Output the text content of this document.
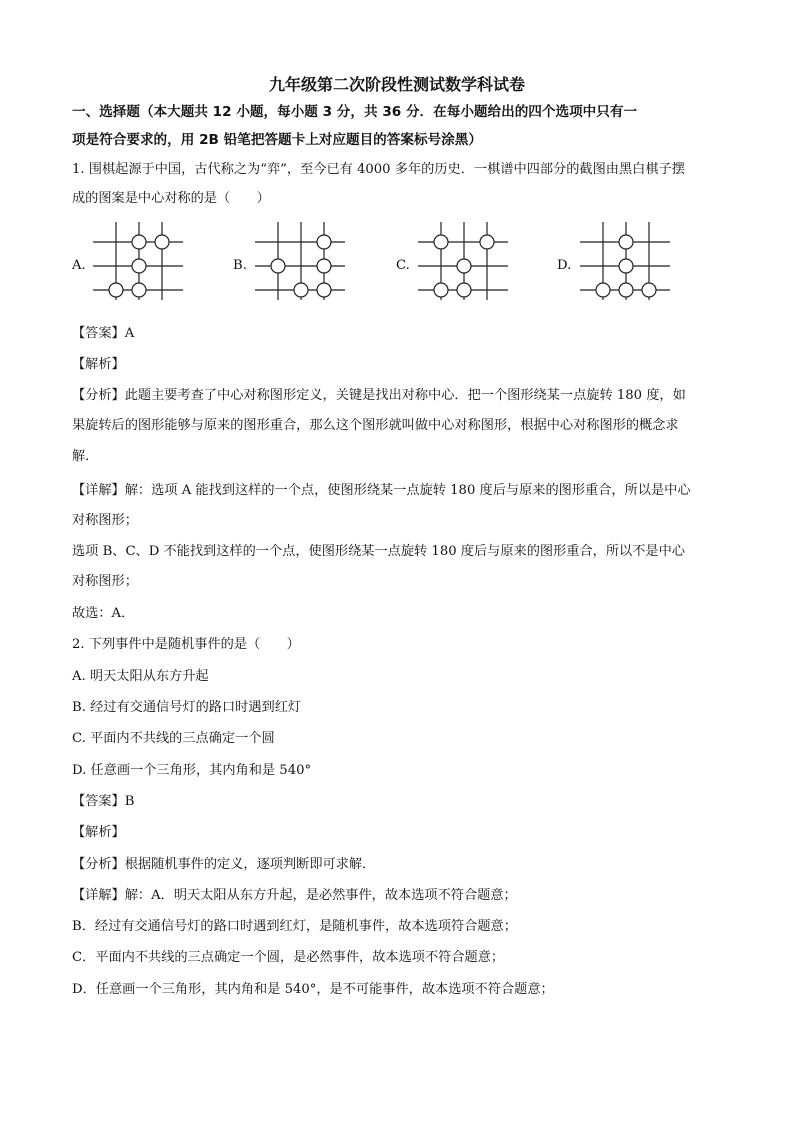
九年级第二次阶段性测试数学科试卷
一、选择题（本大题共 12 小题，每小题 3 分，共 36 分．在每小题给出的四个选项中只有一
项是符合要求的，用 2B 铅笔把答题卡上对应题目的答案标号涂黑）
1. 围棋起源于中国，古代称之为“弈”，至今已有 4000 多年的历史．一棋谱中四部分的截图由黑白棋子摆
成的图案是中心对称的是（　　）
A.	B.	C.	D.
【答案】A
【解析】
【分析】此题主要考查了中心对称图形定义，关键是找出对称中心．把一个图形绕某一点旋转 180 度，如
果旋转后的图形能够与原来的图形重合，那么这个图形就叫做中心对称图形，根据中心对称图形的概念求
解．
【详解】解：选项 A 能找到这样的一个点，使图形绕某一点旋转 180 度后与原来的图形重合，所以是中心
对称图形；
选项 B、C、D 不能找到这样的一个点，使图形绕某一点旋转 180 度后与原来的图形重合，所以不是中心
对称图形；
故选：A．
2. 下列事件中是随机事件的是（　　）
A. 明天太阳从东方升起
B. 经过有交通信号灯的路口时遇到红灯
C. 平面内不共线的三点确定一个圆
D. 任意画一个三角形，其内角和是 540°
【答案】B
【解析】
【分析】根据随机事件的定义，逐项判断即可求解．
【详解】解：A．明天太阳从东方升起，是必然事件，故本选项不符合题意；
B．经过有交通信号灯的路口时遇到红灯，是随机事件，故本选项符合题意；
C．平面内不共线的三点确定一个圆，是必然事件，故本选项不符合题意；
D．任意画一个三角形，其内角和是 540°，是不可能事件，故本选项不符合题意；
